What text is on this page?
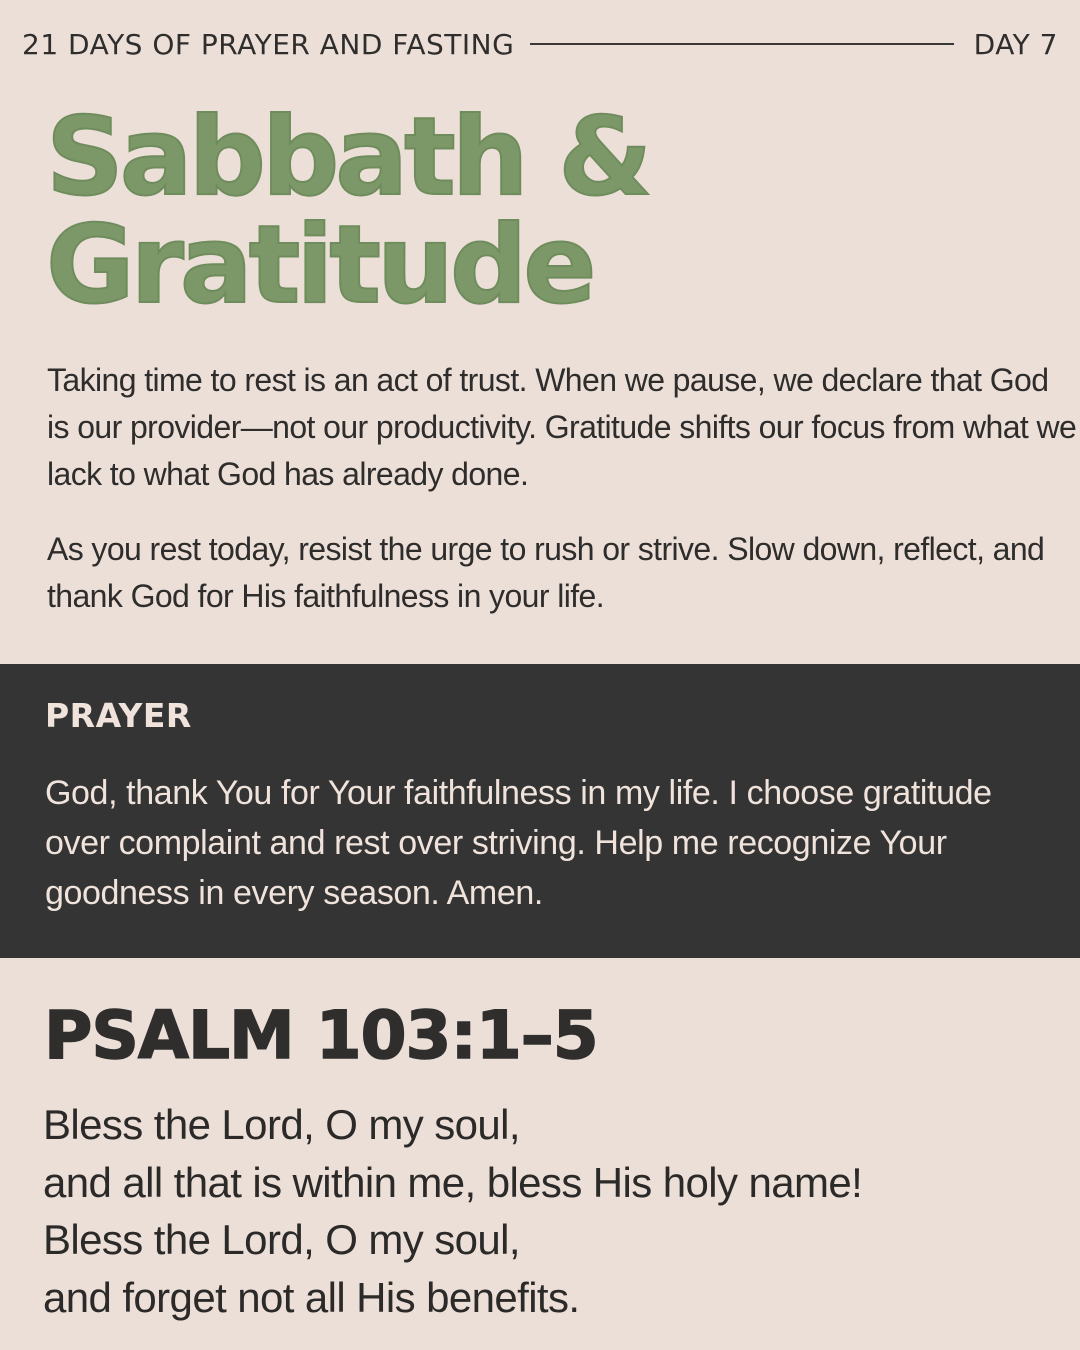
21 DAYS OF PRAYER AND FASTING	DAY 7
Sabbath &
Gratitude

Taking time to rest is an act of trust. When we pause, we declare that God is our provider—not our productivity. Gratitude shifts our focus from what we lack to what God has already done.

As you rest today, resist the urge to rush or strive. Slow down, reflect, and thank God for His faithfulness in your life.

PRAYER
God, thank You for Your faithfulness in my life. I choose gratitude over complaint and rest over striving. Help me recognize Your goodness in every season. Amen.
PSALM 103:1–5
Bless the Lord, O my soul,
and all that is within me, bless His holy name!
Bless the Lord, O my soul,
and forget not all His benefits.
